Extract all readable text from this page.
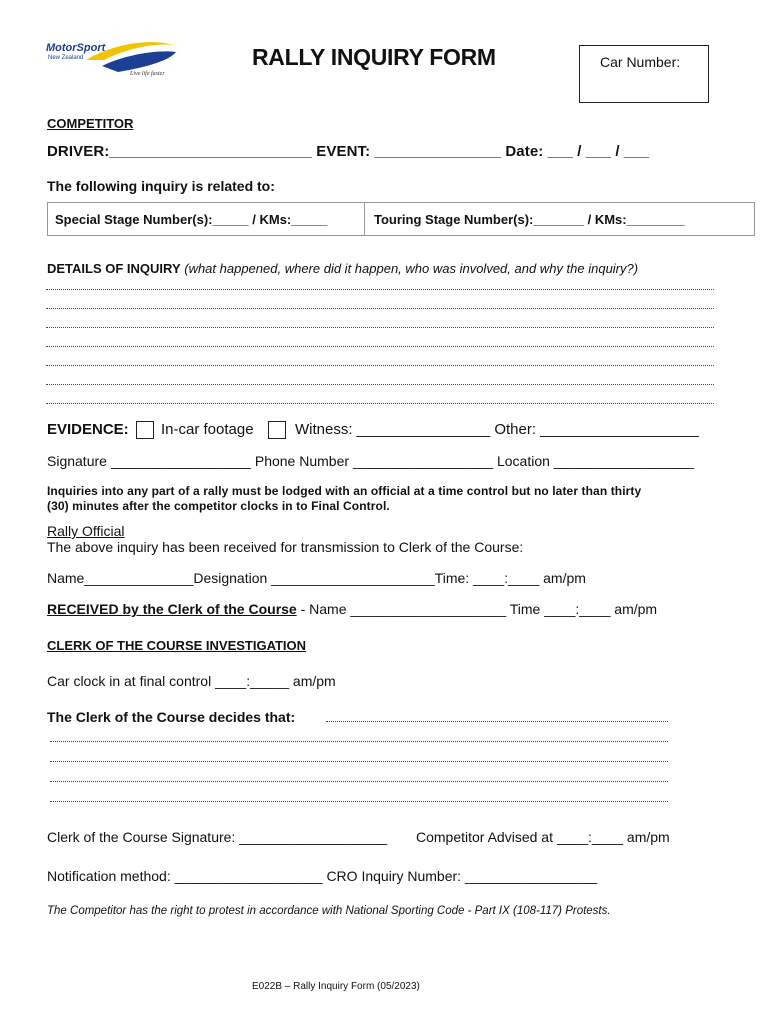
MotorSport
New Zealand
Live life faster
RALLY INQUIRY FORM	Car Number:
COMPETITOR
DRIVER:________________________ EVENT: _______________ Date: ___ / ___ / ___
The following inquiry is related to:
Special Stage Number(s):_____ / KMs:_____	Touring Stage Number(s):_______ / KMs:________
DETAILS OF INQUIRY (what happened, where did it happen, who was involved, and why the inquiry?)
EVIDENCE: In-car footage	Witness: ________________ Other: ___________________
Signature __________________ Phone Number __________________ Location __________________
Inquiries into any part of a rally must be lodged with an official at a time control but no later than thirty
(30) minutes after the competitor clocks in to Final Control.
Rally Official
The above inquiry has been received for transmission to Clerk of the Course:
Name______________Designation _____________________Time: ____:____ am/pm
RECEIVED by the Clerk of the Course - Name ____________________ Time ____:____ am/pm
CLERK OF THE COURSE INVESTIGATION
Car clock in at final control ____:_____ am/pm
The Clerk of the Course decides that:
Clerk of the Course Signature: ___________________ Competitor Advised at ____:____ am/pm
Notification method: ___________________ CRO Inquiry Number: _________________
The Competitor has the right to protest in accordance with National Sporting Code - Part IX (108-117) Protests.
E022B – Rally Inquiry Form (05/2023)
